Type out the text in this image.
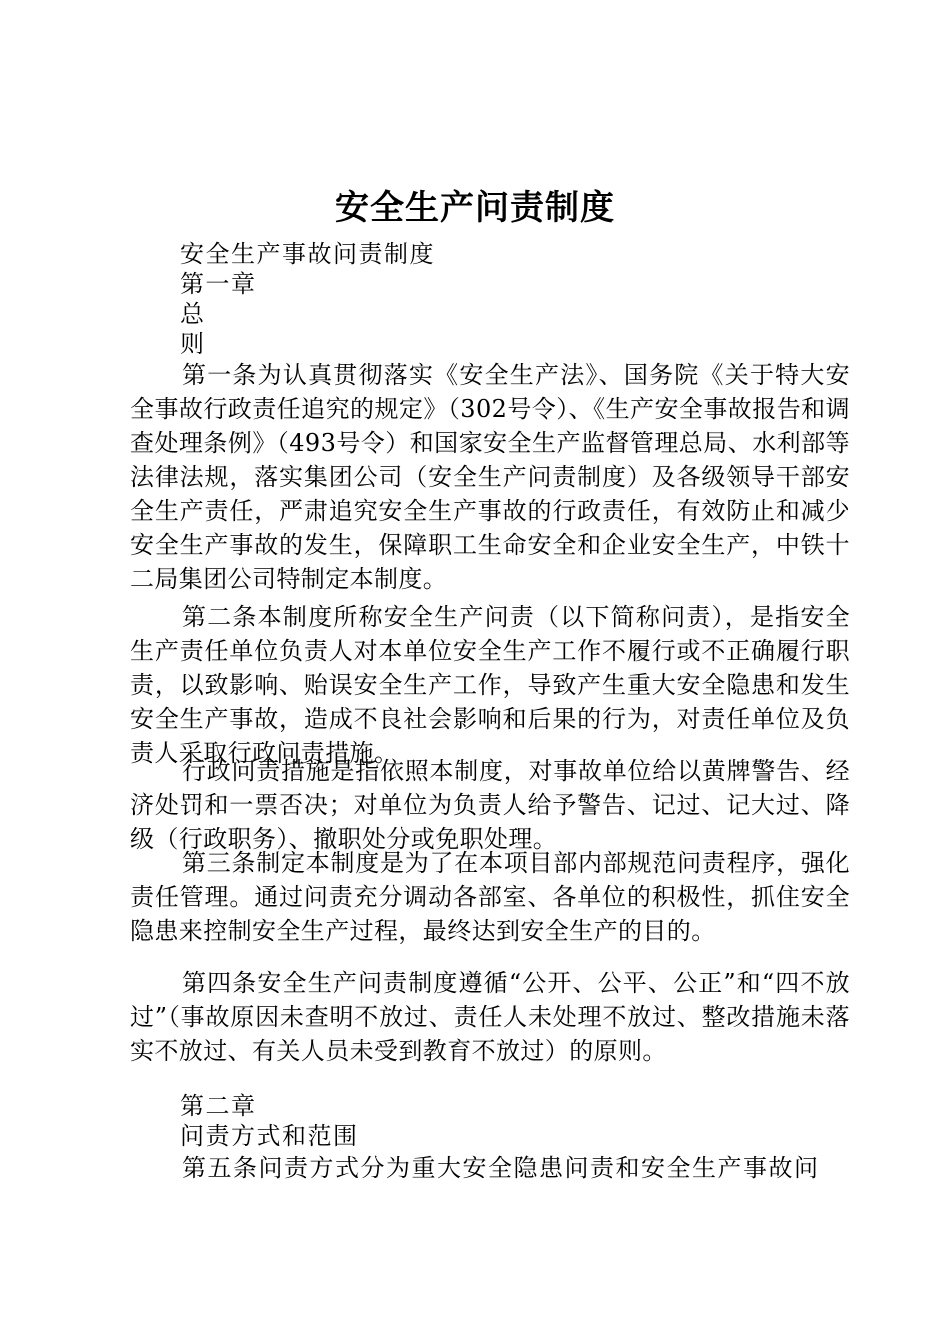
安全生产问责制度
安全生产事故问责制度
第一章
总
则
第一条为认真贯彻落实《安全生产法》、国务院《关于特大安全事故行政责任追究的规定》（302号令）、《生产安全事故报告和调查处理条例》（493号令）和国家安全生产监督管理总局、水利部等法律法规，落实集团公司（安全生产问责制度）及各级领导干部安全生产责任，严肃追究安全生产事故的行政责任，有效防止和减少安全生产事故的发生，保障职工生命安全和企业安全生产，中铁十二局集团公司特制定本制度。
第二条本制度所称安全生产问责（以下简称问责），是指安全生产责任单位负责人对本单位安全生产工作不履行或不正确履行职责，以致影响、贻误安全生产工作，导致产生重大安全隐患和发生安全生产事故，造成不良社会影响和后果的行为，对责任单位及负责人采取行政问责措施。
行政问责措施是指依照本制度，对事故单位给以黄牌警告、经济处罚和一票否决；对单位为负责人给予警告、记过、记大过、降级（行政职务）、撤职处分或免职处理。
第三条制定本制度是为了在本项目部内部规范问责程序，强化责任管理。通过问责充分调动各部室、各单位的积极性，抓住安全隐患来控制安全生产过程，最终达到安全生产的目的。
第四条安全生产问责制度遵循“公开、公平、公正”和“四不放过”（事故原因未查明不放过、责任人未处理不放过、整改措施未落实不放过、有关人员未受到教育不放过）的原则。
第二章
问责方式和范围
第五条问责方式分为重大安全隐患问责和安全生产事故问
